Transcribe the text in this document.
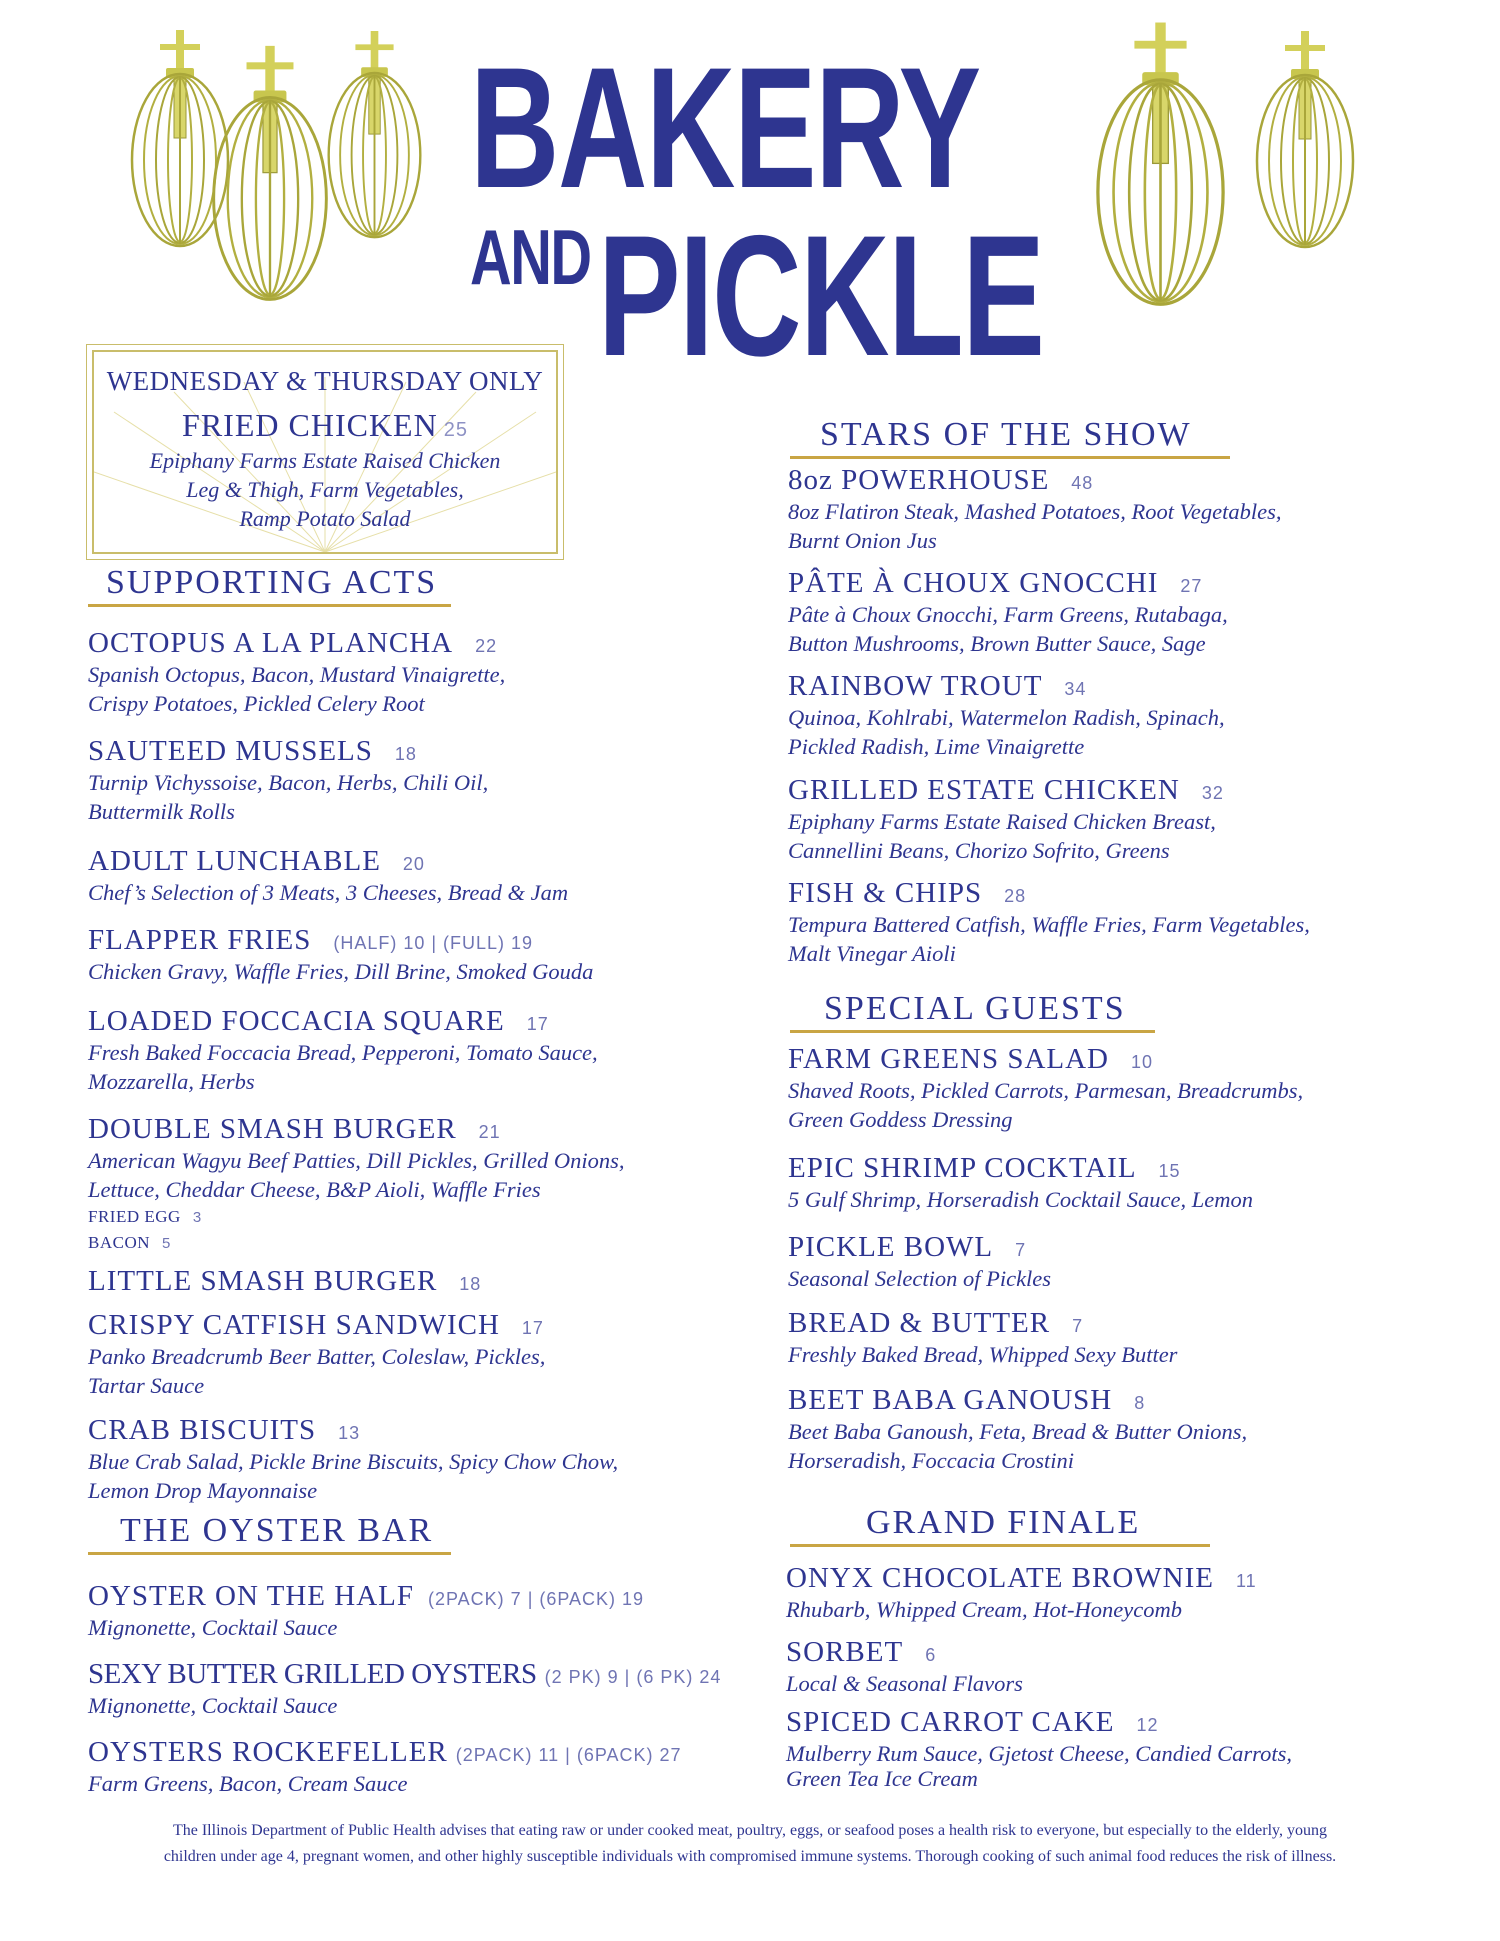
BAKERY
AND PICKLE
WEDNESDAY & THURSDAY ONLY
FRIED CHICKEN 25
Epiphany Farms Estate Raised Chicken
Leg & Thigh, Farm Vegetables,
Ramp Potato Salad
SUPPORTING ACTS
THE OYSTER BAR
STARS OF THE SHOW
SPECIAL GUESTS
GRAND FINALE
OCTOPUS A LA PLANCHA 22
Spanish Octopus, Bacon, Mustard Vinaigrette,
Crispy Potatoes, Pickled Celery Root
SAUTEED MUSSELS 18
Turnip Vichyssoise, Bacon, Herbs, Chili Oil,
Buttermilk Rolls
ADULT LUNCHABLE 20
Chef’s Selection of 3 Meats, 3 Cheeses, Bread & Jam
FLAPPER FRIES (HALF) 10 | (FULL) 19
Chicken Gravy, Waffle Fries, Dill Brine, Smoked Gouda
LOADED FOCCACIA SQUARE 17
Fresh Baked Foccacia Bread, Pepperoni, Tomato Sauce,
Mozzarella, Herbs
DOUBLE SMASH BURGER 21
American Wagyu Beef Patties, Dill Pickles, Grilled Onions,
Lettuce, Cheddar Cheese, B&P Aioli, Waffle Fries
FRIED EGG 3
BACON 5
LITTLE SMASH BURGER 18
CRISPY CATFISH SANDWICH 17
Panko Breadcrumb Beer Batter, Coleslaw, Pickles,
Tartar Sauce
CRAB BISCUITS 13
Blue Crab Salad, Pickle Brine Biscuits, Spicy Chow Chow,
Lemon Drop Mayonnaise
OYSTER ON THE HALF (2PACK) 7 | (6PACK) 19
Mignonette, Cocktail Sauce
SEXY BUTTER GRILLED OYSTERS (2 PK) 9 | (6 PK) 24
Mignonette, Cocktail Sauce
OYSTERS ROCKEFELLER (2PACK) 11 | (6PACK) 27
Farm Greens, Bacon, Cream Sauce
8oz POWERHOUSE 48
8oz Flatiron Steak, Mashed Potatoes, Root Vegetables,
Burnt Onion Jus
PÂTE À CHOUX GNOCCHI 27
Pâte à Choux Gnocchi, Farm Greens, Rutabaga,
Button Mushrooms, Brown Butter Sauce, Sage
RAINBOW TROUT 34
Quinoa, Kohlrabi, Watermelon Radish, Spinach,
Pickled Radish, Lime Vinaigrette
GRILLED ESTATE CHICKEN 32
Epiphany Farms Estate Raised Chicken Breast,
Cannellini Beans, Chorizo Sofrito, Greens
FISH & CHIPS 28
Tempura Battered Catfish, Waffle Fries, Farm Vegetables,
Malt Vinegar Aioli
FARM GREENS SALAD 10
Shaved Roots, Pickled Carrots, Parmesan, Breadcrumbs,
Green Goddess Dressing
EPIC SHRIMP COCKTAIL 15
5 Gulf Shrimp, Horseradish Cocktail Sauce, Lemon
PICKLE BOWL 7
Seasonal Selection of Pickles
BREAD & BUTTER 7
Freshly Baked Bread, Whipped Sexy Butter
BEET BABA GANOUSH 8
Beet Baba Ganoush, Feta, Bread & Butter Onions,
Horseradish, Foccacia Crostini
ONYX CHOCOLATE BROWNIE 11
Rhubarb, Whipped Cream, Hot-Honeycomb
SORBET 6
Local & Seasonal Flavors
SPICED CARROT CAKE 12
Mulberry Rum Sauce, Gjetost Cheese, Candied Carrots,
Green Tea Ice Cream
The Illinois Department of Public Health advises that eating raw or under cooked meat, poultry, eggs, or seafood poses a health risk to everyone, but especially to the elderly, young
children under age 4, pregnant women, and other highly susceptible individuals with compromised immune systems. Thorough cooking of such animal food reduces the risk of illness.
